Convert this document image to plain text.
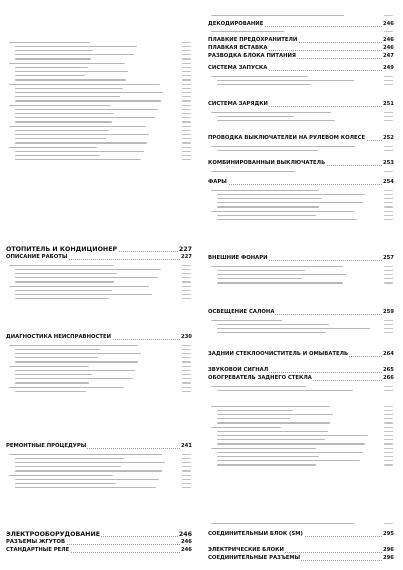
ОТОПИТЕЛЬ И КОНДИЦИОНЕР	227
ОПИСАНИЕ РАБОТЫ	227
ДИАГНОСТИКА НЕИСПРАВНОСТЕЙ	230
РЕМОНТНЫЕ ПРОЦЕДУРЫ	241
ЭЛЕКТРООБОРУДОВАНИЕ	246
РАЗЪЕМЫ ЖГУТОВ	246
СТАНДАРТНЫЕ РЕЛЕ	246
ДЕКОДИРОВАНИЕ	246
ПЛАВКИЕ ПРЕДОХРАНИТЕЛИ	246
ПЛАВКАЯ ВСТАВКА	246
РАЗВОДКА БЛОКА ПИТАНИЯ	247
СИСТЕМА ЗАПУСКА	249
СИСТЕМА ЗАРЯДКИ	251
ПРОВОДКА ВЫКЛЮЧАТЕЛЕЙ НА РУЛЕВОМ КОЛЕСЕ	252
КОМБИНИРОВАННЫЙ ВЫКЛЮЧАТЕЛЬ	253
ФАРЫ	254
ВНЕШНИЕ ФОНАРИ	257
ОСВЕЩЕНИЕ САЛОНА	259
ЗАДНИЙ СТЕКЛООЧИСТИТЕЛЬ И ОМЫВАТЕЛЬ	264
ЗВУКОВОЙ СИГНАЛ	265
ОБОГРЕВАТЕЛЬ ЗАДНЕГО СТЕКЛА	266
СОЕДИНИТЕЛЬНЫЙ БЛОК (SM)	295
ЭЛЕКТРИЧЕСКИЕ БЛОКИ	296
СОЕДИНИТЕЛЬНЫЕ РАЗЪЕМЫ	296
